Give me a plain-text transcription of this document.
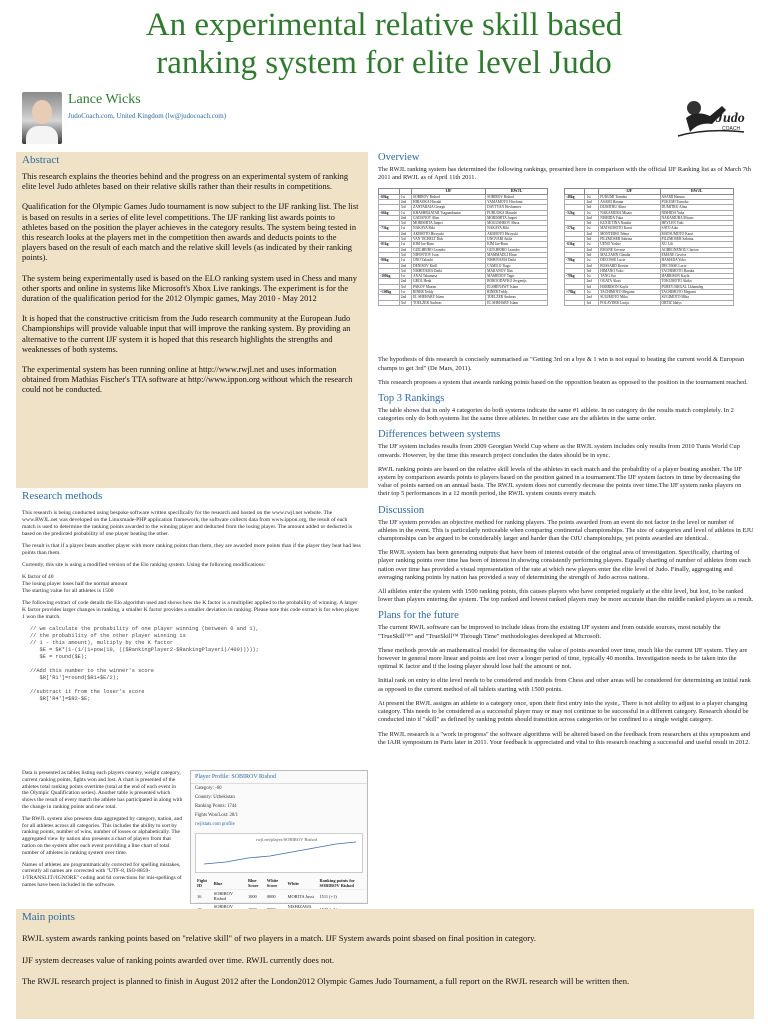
An experimental relative skill based
ranking system for elite level Judo
Lance Wicks
JudoCoach.com, United Kingdom (lw@judocoach.com)	Judo
COACH
Abstract

This research explains the theories behind and the progress on an experimental system of ranking elite level Judo athletes based on their relative skills rather than their results in competitions.

Qualification for the Olympic Games Judo tournament is now subject to the IJF ranking list. The list is based on results in a series of elite level competitions. The IJF ranking list awards points to athletes based on the position the player achieves in the category results. The system being tested in this research looks at the players met in the competition then awards and deducts points to the players based on the result of each match and the relative skill levels (as indicated by their ranking points).

The system being experimentally used is based on the ELO ranking system used in Chess and many other sports and online in systems like Microsoft's Xbox Live rankings. The experiment is for the duration of the qualification period for the 2012 Olympic games, May 2010 - May 2012

It is hoped that the constructive criticism from the Judo research community at the European Judo Championships will provide valuable input that will improve the ranking system. By providing an alternative to the current IJF system it is hoped that this research highlights the strengths and weaknesses of both systems.

The experimental system has been running online at http://www.rwjl.net and uses information obtained from Mathias Fischer's TTA software at http://www.ippon.org without which the research could not be conducted.

Research methods

This research is being conducted using bespoke software written specifically for the research and hosted on the www.rwjl.net website. The www.RWJL.net was developed on the Linuxmade-PHP application framework, the software collects data from www.ippon.org, the result of each match is used to determine the ranking points awarded to the winning player and deducted from the losing player. The amount added or deducted is based on the predicted probability of one player beating the other.

The result is that if a player beats another player with more ranking points than them, they are awarded more points than if the player they beat had less points than them.

Currently, this site is using a modified version of the Elo ranking system. Using the following modifications:

K factor of 40
The losing player loses half the normal amount
The starting value for all athletes is 1500

The following extract of code details the Elo algorithm used and shows how the K factor is a multiplier applied to the probability of winning. A larger K factor provides larger changes in ranking, a smaller K factor provides a smaller deviation in ranking. Please note this code extract is for when player 1 won the match.

// we calculate the probability of one player winning (between 0 and 1),
// the probability of the other player winning is
// 1 - this amount), multiply by the K factor
$E = $K*(1-(1/(1+pow(10, (($RankingPlayer2-$RankingPlayer1)/400)))));
$E = round($E);

//Add this number to the winner's score
$R['R1']=round($R1+$E/2);

//subtract it from the loser's score
$R['R4']=$R2-$E;

Data is presented as tables listing each players country, weight category, current ranking points, fights won and lost. A chart is presented of the athletes total ranking points overtime (total at the end of each event in the Olympic Qualification series). Another table is presented which shows the result of every match the athlete has participated in along with the change in ranking points and new total.

The RWJL system also presents data aggregated by category, nation, and for all athletes across all categories. This includes the ability to sort by ranking points, number of wins, number of losses or alphabetically. The aggregated view by nation also presents a chart of players from that nation on the system after each event providing a line chart of total number of athletes in ranking system over time.

Names of athletes are programmatically corrected for spelling mistakes, currently all names are corrected with "UTF-8, ISO-8859-1/TRANSLIT//IGNORE" coding and 64 corrections for mis-spellings of names have been included in the software.

Player Profile: SOBIROV Rishod
Category: -60
Country: Uzbekistan
Ranking Points: 1744
Fights Won/Lost: 28/1
rwjlstats.com profile
rwjl.net/player/SOBIROV Rishod
Fight ID	Blue	Blue Score	White Score	White	Ranking points for SOBIROV Rishod
16	SOBIROV Rishod	1000	0000	MORITA Jussi	1511 (+1)
	SOBIROV			NISHIZAWA	

Main points

RWJL system awards ranking points based on "relative skill" of two players in a match. IJF System awards point sbased on final position in category.

IJF system decreases value of ranking points awarded over time. RWJL currently does not.

The RWJL research project is planned to finish in August 2012 after the London2012 Olympic Games Judo Tournament, a full report on the RWJL research will be written then.

Overview
The RWJL ranking system has determined the following rankings, presented here in comparison with the official IJF Ranking list as of March 7th 2011 and RWJL as of April 11th 2011.
		IJF	RWJL
-60kg	1st	SOBIROV Rishod	SOBIROV Rishod
	2nd	HIRAOKA Hiroaki	YAMAMOTO Hirofumi
	3rd	ZANTARAIA Georgii	DAVTYAN Hovhannes
-66kg	1st	KHASHBAATAR Tsagaanbaatar	FURUOKA Masashi
	2nd	GADANOV Alim	MORISHITA Junpei
	3rd	MORISHITA Junpei	MOGUSHKOV Musa
-73kg	1st	NAKAYA Riki	NAKAYA Riki
	2nd	AKIMOTO Hiroyuki	AKIMOTO Hiroyuki
	3rd	VAN TICHELT Dirk	UNGVARI Attila
-81kg	1st	KIM Jae-Bum	KIM Jae-Bum
	2nd	GUILHEIRO Leandro	GUILHEIRO Leandro
	3rd	NIFONTOV Ivan	MAMMADLI Elnur
-90kg	1st	ONO Takashi	NISHIYAMA Daiki
	2nd	DENISOV Kirill	CAMILO Tiago
	3rd	NISHIYAMA Daiki	MAKANOV Ilias
-100kg	1st	ANAI Takamasa	MAMEDOV Tagir
	2nd	GROL Henk	BOROODAVKO Jevgenijs
	3rd	PAKOV Maxim	ELSHENAWY Islam
+100kg	1st	RINER Teddy	RINER Teddy
	2nd	EL SHEHABY Islam	TOELZER Andreas
	3rd	TOELZER Andreas	EL SHEHABY Islam
		IJF	RWJL
-48kg	1st	FUKUMI Tomoko	ASAMI Haruna
	2nd	ASAMI Haruna	FUKUMI Tomoko
	3rd	DUMITRU Alina	DUMITRU Alina
-52kg	1st	NAKAMURA Misato	NISHIDA Yuka
	2nd	NISHIDA Yuka	NAKAMURA Misato
	3rd	KUZIUTINA Natalia	HEYLEN Yuki
-57kg	1st	MATSUMOTO Kaori	SATO Aiko
	2nd	MONTEIRO Telma	MATSUMOTO Kaori
	3rd	FILZMOSER Sabrina	FILZMOSER Sabrina
-63kg	1st	UENO Yoshie	XU Lili
	2nd	EMANE Gevrise	AGBEGNENOU Clarisse
	3rd	MALZAHN Claudia	EMANE Gevrise
-70kg	1st	DECOSSE Lucie	HAMADA Yoko
	2nd	BOSSARD Kerstin	DECOSSE Lucie
	3rd	HIMANO Yoko	TACHIMOTO Haruka
-78kg	1st	TANG Sui	HARRISON Kayla
	2nd	OGATA Akari	TOKUMOTO Akiko
	3rd	HARRISON Kayla	PUREVJARGAL Lkhamdeg
+78kg	1st	TACHIMOTO Megumi	TACHIMOTO Megumi
	2nd	SUGIMOTO Mika	SUGIMOTO Mika
	3rd	POLAVDER Lucija	ORTIZ Idalys
The hypothesis of this research is concisely summarised as "Getting 3rd on a bye & 1 win is not equal to beating the current world & European champs to get 3rd" (De Mars, 2011).
This research proposes a system that awards ranking points based on the opposition beaten as opposed to the position in the tournament reached.
Top 3 Rankings
The table shows that in only 4 categories do both systems indicate the same #1 athlete. In no category do the results match completely. In 2 categories only do both systems list the same three athletes. In neither case are the athletes in the same order.
Differences between systems
The IJF system includes results from 2009 Georgian World Cup where as the RWJL system includes only results from 2010 Tunis World Cup onwards. However, by the time this research project concludes the dates should be in sync.
RWJL ranking points are based on the relative skill levels of the athletes in each match and the probability of a player beating another. The IJF system by comparison awards points to players based on the position gained in a tournament.The IJF system factors in time by decreasing the value of points earned on an annual basis. The RWJL system does not currently decrease the points over time.The IJF system ranks players on their top 5 performances in a 12 month period, the RWJL system counts every match.
Discussion
The IJF system provides an objective method for ranking players. The points awarded from an event do not factor in the level or number of athletes in the event. This is particularly noticeable when comparing continental championships. The size of categories and level of athletes in EJU championships can be argued to be considerably larger and harder than the OJU championships, yet points awarded are identical.
The RWJL system has been generating outputs that have been of interest outside of the original area of investigation. Specifically, charting of player ranking points over time has been of interest in showing consistently performing players. Equally charting of number of athletes from each nation over time has provided a visual representation of the rate at which new players enter the elite level of Judo. Finally, aggregating and averaging ranking points by nation has provided a way of determining the strength of Judo across nations.
All athletes enter the system with 1500 ranking points, this causes players who have competed regularly at the elite level, but lost, to be ranked lower than players entering the system. The top ranked and lowest ranked players may be more accurate than the middle ranked players as a result.
Plans for the future
The current RWJL software can be improved to include ideas from the existing IJF system and from outside sources, most notably the "TrueSkill™" and "TrueSkill™ Through Time" methodologies developed at Microsoft.
These methods provide an mathematical model for decreasing the value of points awarded over time, much like the current IJF system. They are however in general more linear and points are lost over a longer period of time, typically 40 months. Investigation needs to be taken into the optimal K factor and if the losing player should lose half the amount or not.
Initial rank on entry to elite level needs to be considered and models from Chess and other areas will be considered for determining an initial rank as opposed to the current method of all tablets starting with 1500 points.
At present the RWJL assigns an athlete to a category once, upon their first entry into the syste,. There is not ability to adjust to a player changing category. This needs to be considered as a successful player may or may not continue to be successful in a different category. Research should be conducted into if "skill" as defined by ranking points should transition across categories or be confined to a single weight category.
The RWJL research is a "work in progress" the software algorithms will be altered based on the feedback from researchers at this symposium and the IAJR symposium in Paris later in 2011. Your feedback is appreciated and vital to this research reaching a successful and useful result in 2012.
